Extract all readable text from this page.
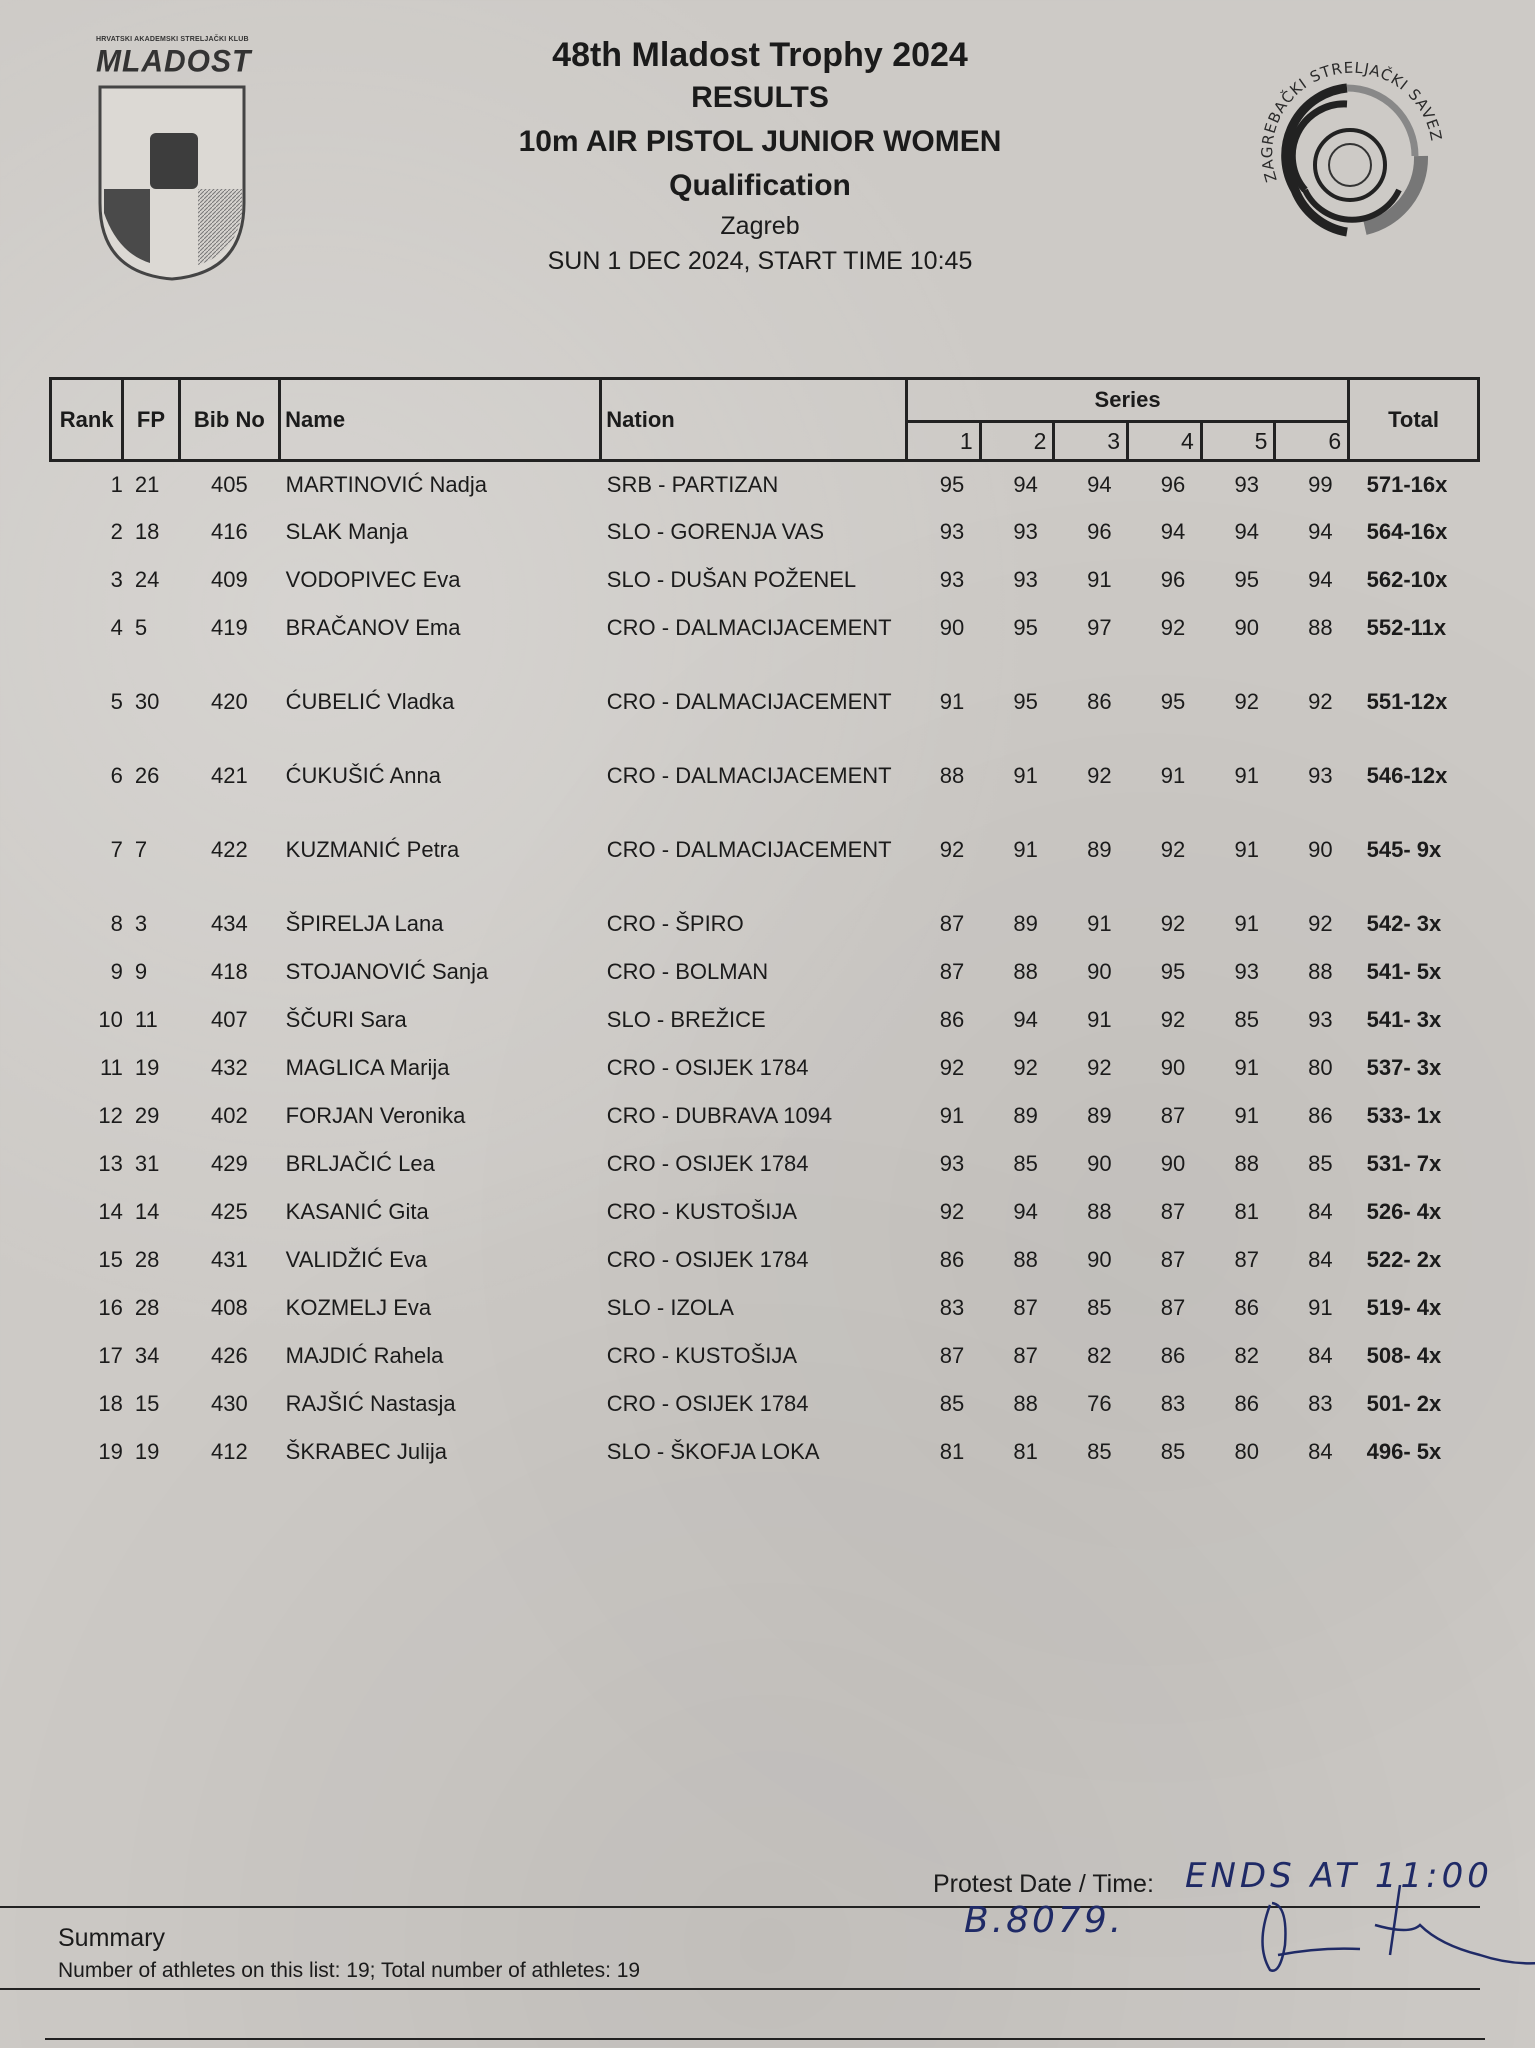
HRVATSKI AKADEMSKI STRELJAČKI KLUB
MLADOST	48th Mladost Trophy 2024
RESULTS
10m AIR PISTOL JUNIOR WOMEN
Qualification
Zagreb
SUN 1 DEC 2024, START TIME 10:45
ZAGREBAČKI STRELJAČKI SAVEZ
Rank	FP	Bib No	Name	Nation	Series						Total
					1	2	3	4	5	6	
1	21	405	MARTINOVIĆ Nadja	SRB - PARTIZAN	95	94	94	96	93	99	571-16x
2	18	416	SLAK Manja	SLO - GORENJA VAS	93	93	96	94	94	94	564-16x
3	24	409	VODOPIVEC Eva	SLO - DUŠAN POŽENEL	93	93	91	96	95	94	562-10x
4	5	419	BRAČANOV Ema	CRO - DALMACIJACEMENT	90	95	97	92	90	88	552-11x
5	30	420	ĆUBELIĆ Vladka	CRO - DALMACIJACEMENT	91	95	86	95	92	92	551-12x
6	26	421	ĆUKUŠIĆ Anna	CRO - DALMACIJACEMENT	88	91	92	91	91	93	546-12x
7	7	422	KUZMANIĆ Petra	CRO - DALMACIJACEMENT	92	91	89	92	91	90	545- 9x
8	3	434	ŠPIRELJA Lana	CRO - ŠPIRO	87	89	91	92	91	92	542- 3x
9	9	418	STOJANOVIĆ Sanja	CRO - BOLMAN	87	88	90	95	93	88	541- 5x
10	11	407	ŠČURI Sara	SLO - BREŽICE	86	94	91	92	85	93	541- 3x
11	19	432	MAGLICA Marija	CRO - OSIJEK 1784	92	92	92	90	91	80	537- 3x
12	29	402	FORJAN Veronika	CRO - DUBRAVA 1094	91	89	89	87	91	86	533- 1x
13	31	429	BRLJAČIĆ Lea	CRO - OSIJEK 1784	93	85	90	90	88	85	531- 7x
14	14	425	KASANIĆ Gita	CRO - KUSTOŠIJA	92	94	88	87	81	84	526- 4x
15	28	431	VALIDŽIĆ Eva	CRO - OSIJEK 1784	86	88	90	87	87	84	522- 2x
16	28	408	KOZMELJ Eva	SLO - IZOLA	83	87	85	87	86	91	519- 4x
17	34	426	MAJDIĆ Rahela	CRO - KUSTOŠIJA	87	87	82	86	82	84	508- 4x
18	15	430	RAJŠIĆ Nastasja	CRO - OSIJEK 1784	85	88	76	83	86	83	501- 2x
19	19	412	ŠKRABEC Julija	SLO - ŠKOFJA LOKA	81	81	85	85	80	84	496- 5x
Protest Date / Time: ENDS AT 11:00
Summary
Number of athletes on this list: 19; Total number of athletes: 19
B.8079.
